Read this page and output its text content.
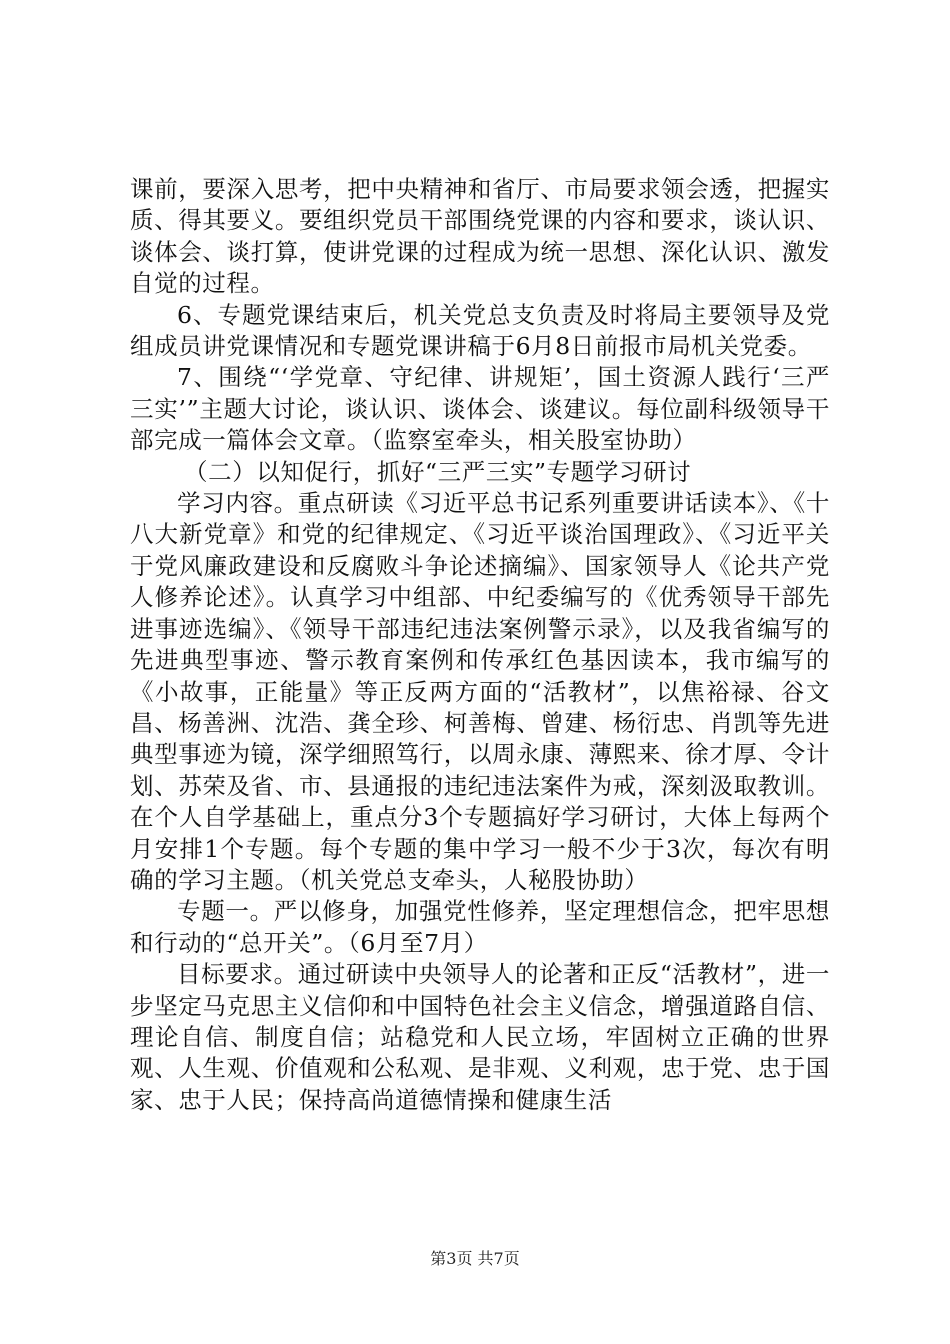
课前，要深入思考，把中央精神和省厅、市局要求领会透，把握实质、得其要义。要组织党员干部围绕党课的内容和要求，谈认识、谈体会、谈打算，使讲党课的过程成为统一思想、深化认识、激发自觉的过程。

6、专题党课结束后，机关党总支负责及时将局主要领导及党组成员讲党课情况和专题党课讲稿于6月8日前报市局机关党委。

7、围绕“‘学党章、守纪律、讲规矩’，国土资源人践行‘三严三实’”主题大讨论，谈认识、谈体会、谈建议。每位副科级领导干部完成一篇体会文章。（监察室牵头，相关股室协助）

（二）以知促行，抓好“三严三实”专题学习研讨

学习内容。重点研读《习近平总书记系列重要讲话读本》、《十八大新党章》和党的纪律规定、《习近平谈治国理政》、《习近平关于党风廉政建设和反腐败斗争论述摘编》、国家领导人《论共产党人修养论述》。认真学习中组部、中纪委编写的《优秀领导干部先进事迹选编》、《领导干部违纪违法案例警示录》，以及我省编写的先进典型事迹、警示教育案例和传承红色基因读本，我市编写的《小故事，正能量》等正反两方面的“活教材”，以焦裕禄、谷文昌、杨善洲、沈浩、龚全珍、柯善梅、曾建、杨衍忠、肖凯等先进典型事迹为镜，深学细照笃行，以周永康、薄熙来、徐才厚、令计划、苏荣及省、市、县通报的违纪违法案件为戒，深刻汲取教训。在个人自学基础上，重点分3个专题搞好学习研讨，大体上每两个月安排1个专题。每个专题的集中学习一般不少于3次，每次有明确的学习主题。（机关党总支牵头，人秘股协助）

专题一。严以修身，加强党性修养，坚定理想信念，把牢思想和行动的“总开关”。（6月至7月）

目标要求。通过研读中央领导人的论著和正反“活教材”，进一步坚定马克思主义信仰和中国特色社会主义信念，增强道路自信、理论自信、制度自信；站稳党和人民立场，牢固树立正确的世界观、人生观、价值观和公私观、是非观、义利观，忠于党、忠于国家、忠于人民；保持高尚道德情操和健康生活

第3页 共7页
